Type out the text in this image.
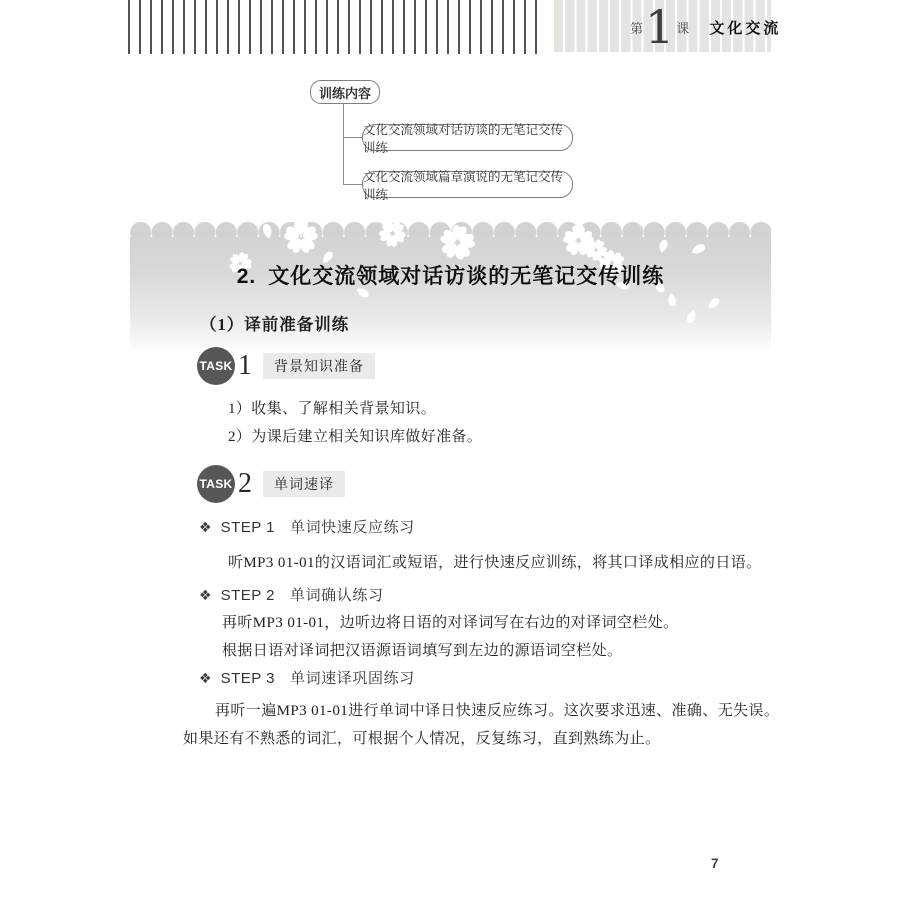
第 1 课 文化交流
训练内容
文化交流领域对话访谈的无笔记交传训练
文化交流领域篇章演说的无笔记交传训练
2. 文化交流领域对话访谈的无笔记交传训练
（1）译前准备训练
TASK 1	背景知识准备
1）收集、了解相关背景知识。
2）为课后建立相关知识库做好准备。
TASK 2	单词速译
❖ STEP 1 单词快速反应练习
听MP3 01-01的汉语词汇或短语，进行快速反应训练，将其口译成相应的日语。
❖ STEP 2 单词确认练习
再听MP3 01-01，边听边将日语的对译词写在右边的对译词空栏处。
根据日语对译词把汉语源语词填写到左边的源语词空栏处。
❖ STEP 3 单词速译巩固练习
再听一遍MP3 01-01进行单词中译日快速反应练习。这次要求迅速、准确、无失误。
如果还有不熟悉的词汇，可根据个人情况，反复练习，直到熟练为止。
7
